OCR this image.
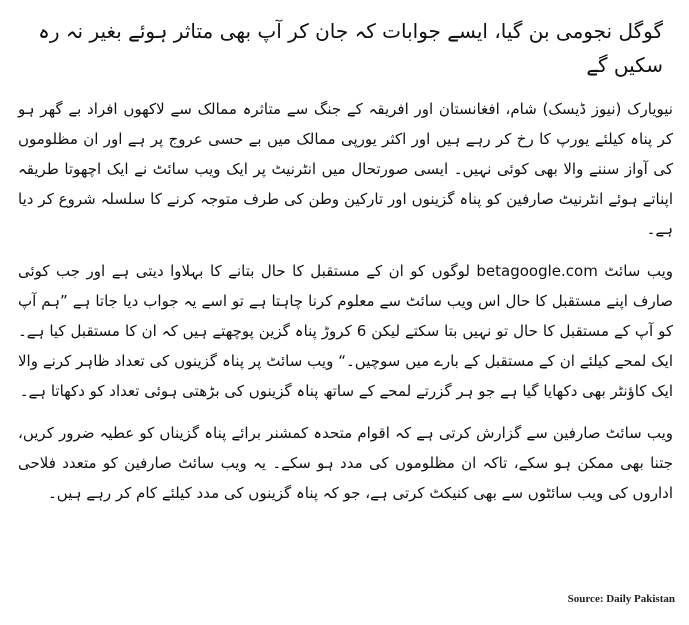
گوگل نجومی بن گیا، ایسے جوابات کہ جان کر آپ بھی متاثر ہوئے بغیر نہ رہ سکیں گے

نیویارک (نیوز ڈیسک) شام، افغانستان اور افریقہ کے جنگ سے متاثرہ ممالک سے لاکھوں افراد بے گھر ہو کر پناہ کیلئے یورپ کا رخ کر رہے ہیں اور اکثر یورپی ممالک میں بے حسی عروج پر ہے اور ان مظلوموں کی آواز سننے والا بھی کوئی نہیں۔ ایسی صورتحال میں انٹرنیٹ پر ایک ویب سائٹ نے ایک اچھوتا طریقہ اپناتے ہوئے انٹرنیٹ صارفین کو پناہ گزینوں اور تارکین وطن کی طرف متوجہ کرنے کا سلسلہ شروع کر دیا ہے۔

ویب سائٹ betagoogle.com لوگوں کو ان کے مستقبل کا حال بتانے کا بہلاوا دیتی ہے اور جب کوئی صارف اپنے مستقبل کا حال اس ویب سائٹ سے معلوم کرنا چاہتا ہے تو اسے یہ جواب دیا جاتا ہے ”ہم آپ کو آپ کے مستقبل کا حال تو نہیں بتا سکتے لیکن 6 کروڑ پناہ گزین پوچھتے ہیں کہ ان کا مستقبل کیا ہے۔ ایک لمحے کیلئے ان کے مستقبل کے بارے میں سوچیں۔“ ویب سائٹ پر پناہ گزینوں کی تعداد ظاہر کرنے والا ایک کاؤنٹر بھی دکھایا گیا ہے جو ہر گزرتے لمحے کے ساتھ پناہ گزینوں کی بڑھتی ہوئی تعداد کو دکھاتا ہے۔

ویب سائٹ صارفین سے گزارش کرتی ہے کہ اقوام متحدہ کمشنر برائے پناہ گزیناں کو عطیہ ضرور کریں، جتنا بھی ممکن ہو سکے، تاکہ ان مظلوموں کی مدد ہو سکے۔ یہ ویب سائٹ صارفین کو متعدد فلاحی اداروں کی ویب سائٹوں سے بھی کنیکٹ کرتی ہے، جو کہ پناہ گزینوں کی مدد کیلئے کام کر رہے ہیں۔

Source: Daily Pakistan
